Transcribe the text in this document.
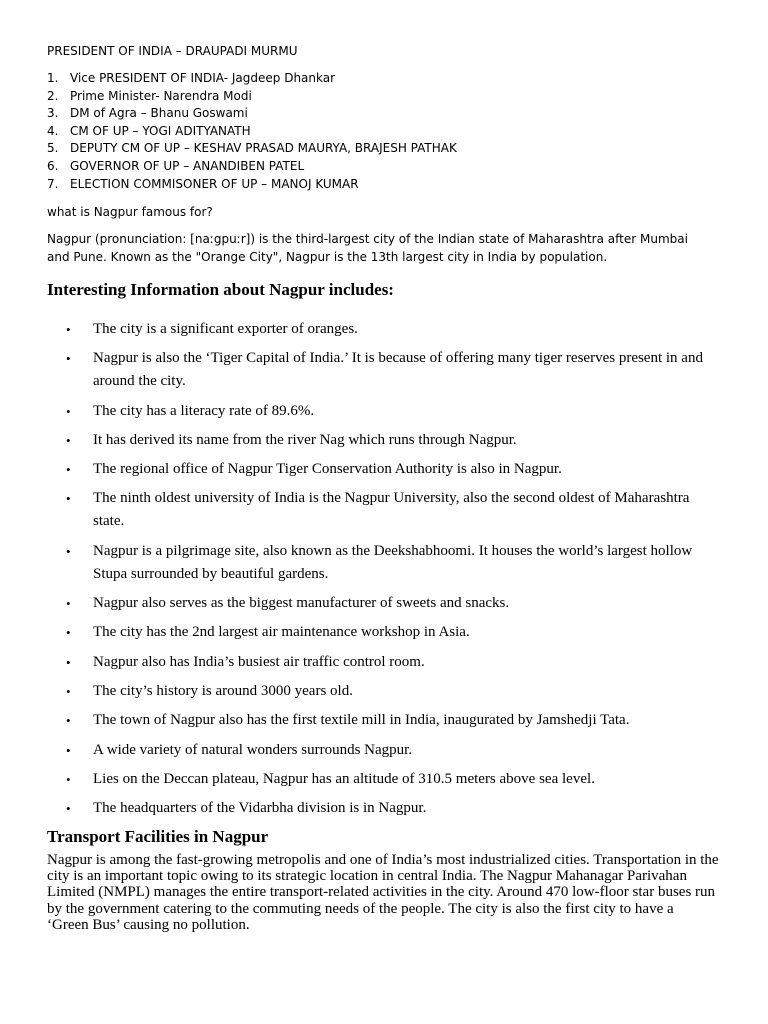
PRESIDENT OF INDIA – DRAUPADI MURMU

1. Vice PRESIDENT OF INDIA- Jagdeep Dhankar
2. Prime Minister- Narendra Modi
3. DM of Agra – Bhanu Goswami
4. CM OF UP – YOGI ADITYANATH
5. DEPUTY CM OF UP – KESHAV PRASAD MAURYA, BRAJESH PATHAK
6. GOVERNOR OF UP – ANANDIBEN PATEL
7. ELECTION COMMISONER OF UP – MANOJ KUMAR

what is Nagpur famous for?

Nagpur (pronunciation: [naːgpuːr]) is the third-largest city of the Indian state of Maharashtra after Mumbai and Pune. Known as the "Orange City", Nagpur is the 13th largest city in India by population.

Interesting Information about Nagpur includes:
• The city is a significant exporter of oranges.
• Nagpur is also the ‘Tiger Capital of India.’ It is because of offering many tiger reserves present in and around the city.
• The city has a literacy rate of 89.6%.
• It has derived its name from the river Nag which runs through Nagpur.
• The regional office of Nagpur Tiger Conservation Authority is also in Nagpur.
• The ninth oldest university of India is the Nagpur University, also the second oldest of Maharashtra state.
• Nagpur is a pilgrimage site, also known as the Deekshabhoomi. It houses the world’s largest hollow Stupa surrounded by beautiful gardens.
• Nagpur also serves as the biggest manufacturer of sweets and snacks.
• The city has the 2nd largest air maintenance workshop in Asia.
• Nagpur also has India’s busiest air traffic control room.
• The city’s history is around 3000 years old.
• The town of Nagpur also has the first textile mill in India, inaugurated by Jamshedji Tata.
• A wide variety of natural wonders surrounds Nagpur.
• Lies on the Deccan plateau, Nagpur has an altitude of 310.5 meters above sea level.
• The headquarters of the Vidarbha division is in Nagpur.
Transport Facilities in Nagpur

Nagpur is among the fast-growing metropolis and one of India’s most industrialized cities. Transportation in the city is an important topic owing to its strategic location in central India. The Nagpur Mahanagar Parivahan Limited (NMPL) manages the entire transport-related activities in the city. Around 470 low-floor star buses run by the government catering to the commuting needs of the people. The city is also the first city to have a ‘Green Bus’ causing no pollution.
